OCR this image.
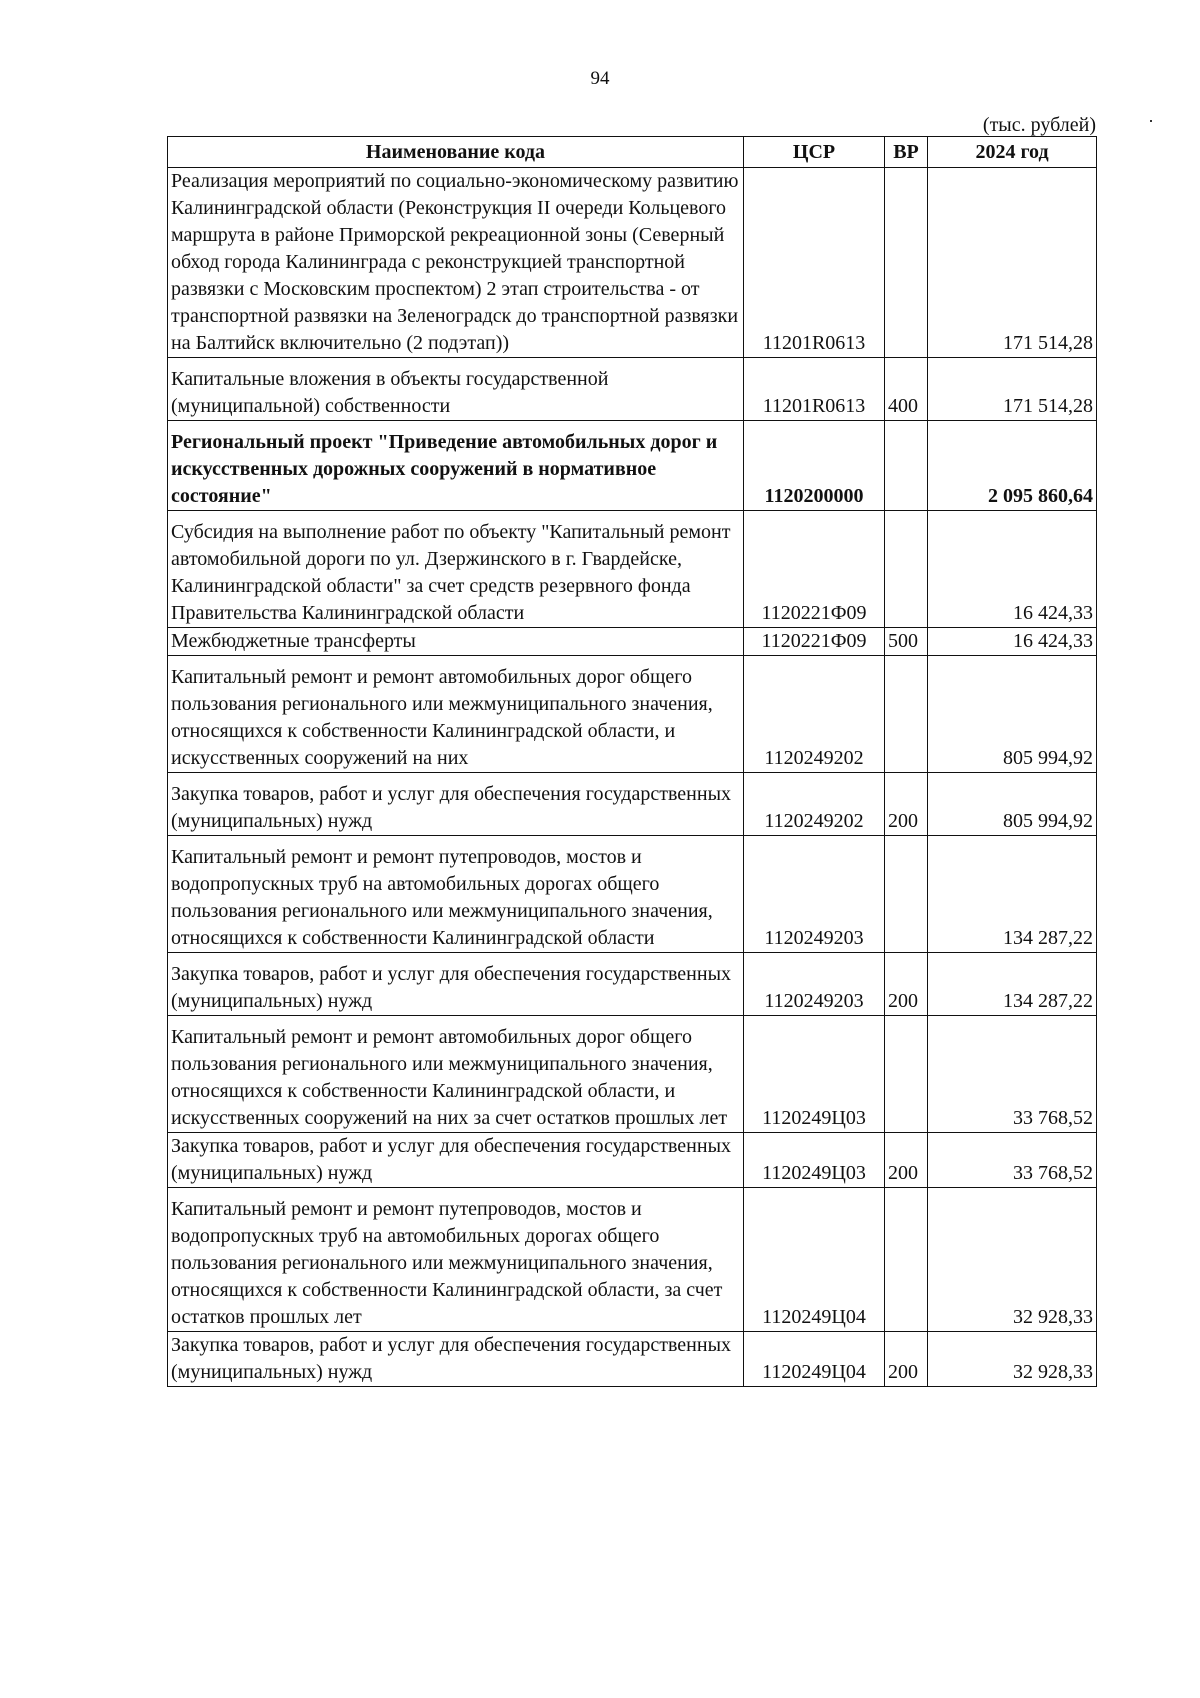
94
(тыс. рублей)
Наименование кода	ЦСР	ВР	2024 год
Реализация мероприятий по социально-экономическому развитию Калининградской области (Реконструкция II очереди Кольцевого маршрута в районе Приморской рекреационной зоны (Северный обход города Калининграда с реконструкцией транспортной развязки с Московским проспектом) 2 этап строительства - от транспортной развязки на Зеленоградск до транспортной развязки на Балтийск включительно (2 подэтап))	11201R0613		171 514,28
Капитальные вложения в объекты государственной (муниципальной) собственности	11201R0613	400	171 514,28
Региональный проект "Приведение автомобильных дорог и искусственных дорожных сооружений в нормативное состояние"	1120200000		2 095 860,64
Субсидия на выполнение работ по объекту "Капитальный ремонт автомобильной дороги по ул. Дзержинского в г. Гвардейске, Калининградской области" за счет средств резервного фонда Правительства Калининградской области	1120221Ф09		16 424,33
Межбюджетные трансферты	1120221Ф09	500	16 424,33
Капитальный ремонт и ремонт автомобильных дорог общего пользования регионального или межмуниципального значения, относящихся к собственности Калининградской области, и искусственных сооружений на них	1120249202		805 994,92
Закупка товаров, работ и услуг для обеспечения государственных (муниципальных) нужд	1120249202	200	805 994,92
Капитальный ремонт и ремонт путепроводов, мостов и водопропускных труб на автомобильных дорогах общего пользования регионального или межмуниципального значения, относящихся к собственности Калининградской области	1120249203		134 287,22
Закупка товаров, работ и услуг для обеспечения государственных (муниципальных) нужд	1120249203	200	134 287,22
Капитальный ремонт и ремонт автомобильных дорог общего пользования регионального или межмуниципального значения, относящихся к собственности Калининградской области, и искусственных сооружений на них за счет остатков прошлых лет	1120249Ц03		33 768,52
Закупка товаров, работ и услуг для обеспечения государственных (муниципальных) нужд	1120249Ц03	200	33 768,52
Капитальный ремонт и ремонт путепроводов, мостов и водопропускных труб на автомобильных дорогах общего пользования регионального или межмуниципального значения, относящихся к собственности Калининградской области, за счет остатков прошлых лет	1120249Ц04		32 928,33
Закупка товаров, работ и услуг для обеспечения государственных (муниципальных) нужд	1120249Ц04	200	32 928,33
